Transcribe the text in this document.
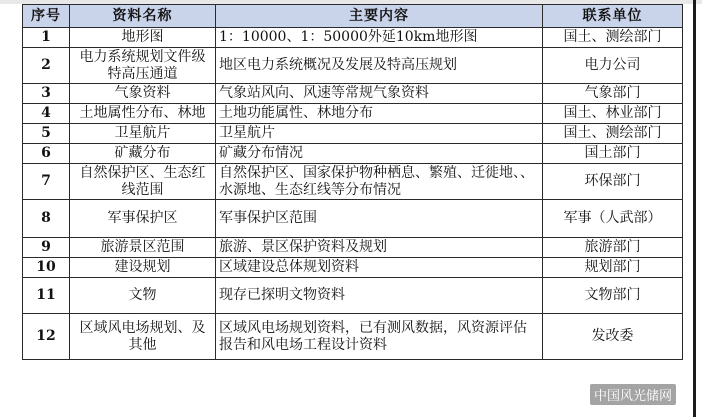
序号	资料名称	主要内容	联系单位
1	地形图	1：10000、1：50000外延10km地形图	国土、测绘部门
2	电力系统规划文件级特高压通道	地区电力系统概况及发展及特高压规划	电力公司
3	气象资料	气象站风向、风速等常规气象资料	气象部门
4	土地属性分布、林地	土地功能属性、林地分布	国土、林业部门
5	卫星航片	卫星航片	国土、测绘部门
6	矿藏分布	矿藏分布情况	国土部门
7	自然保护区、生态红线范围	自然保护区、国家保护物种栖息、繁殖、迁徙地、、水源地、生态红线等分布情况	环保部门
8	军事保护区	军事保护区范围	军事（人武部）
9	旅游景区范围	旅游、景区保护资料及规划	旅游部门
10	建设规划	区域建设总体规划资料	规划部门
11	文物	现存已探明文物资料	文物部门
12	区域风电场规划、及其他	区域风电场规划资料，已有测风数据，风资源评估报告和风电场工程设计资料	发改委
中国风光储网
